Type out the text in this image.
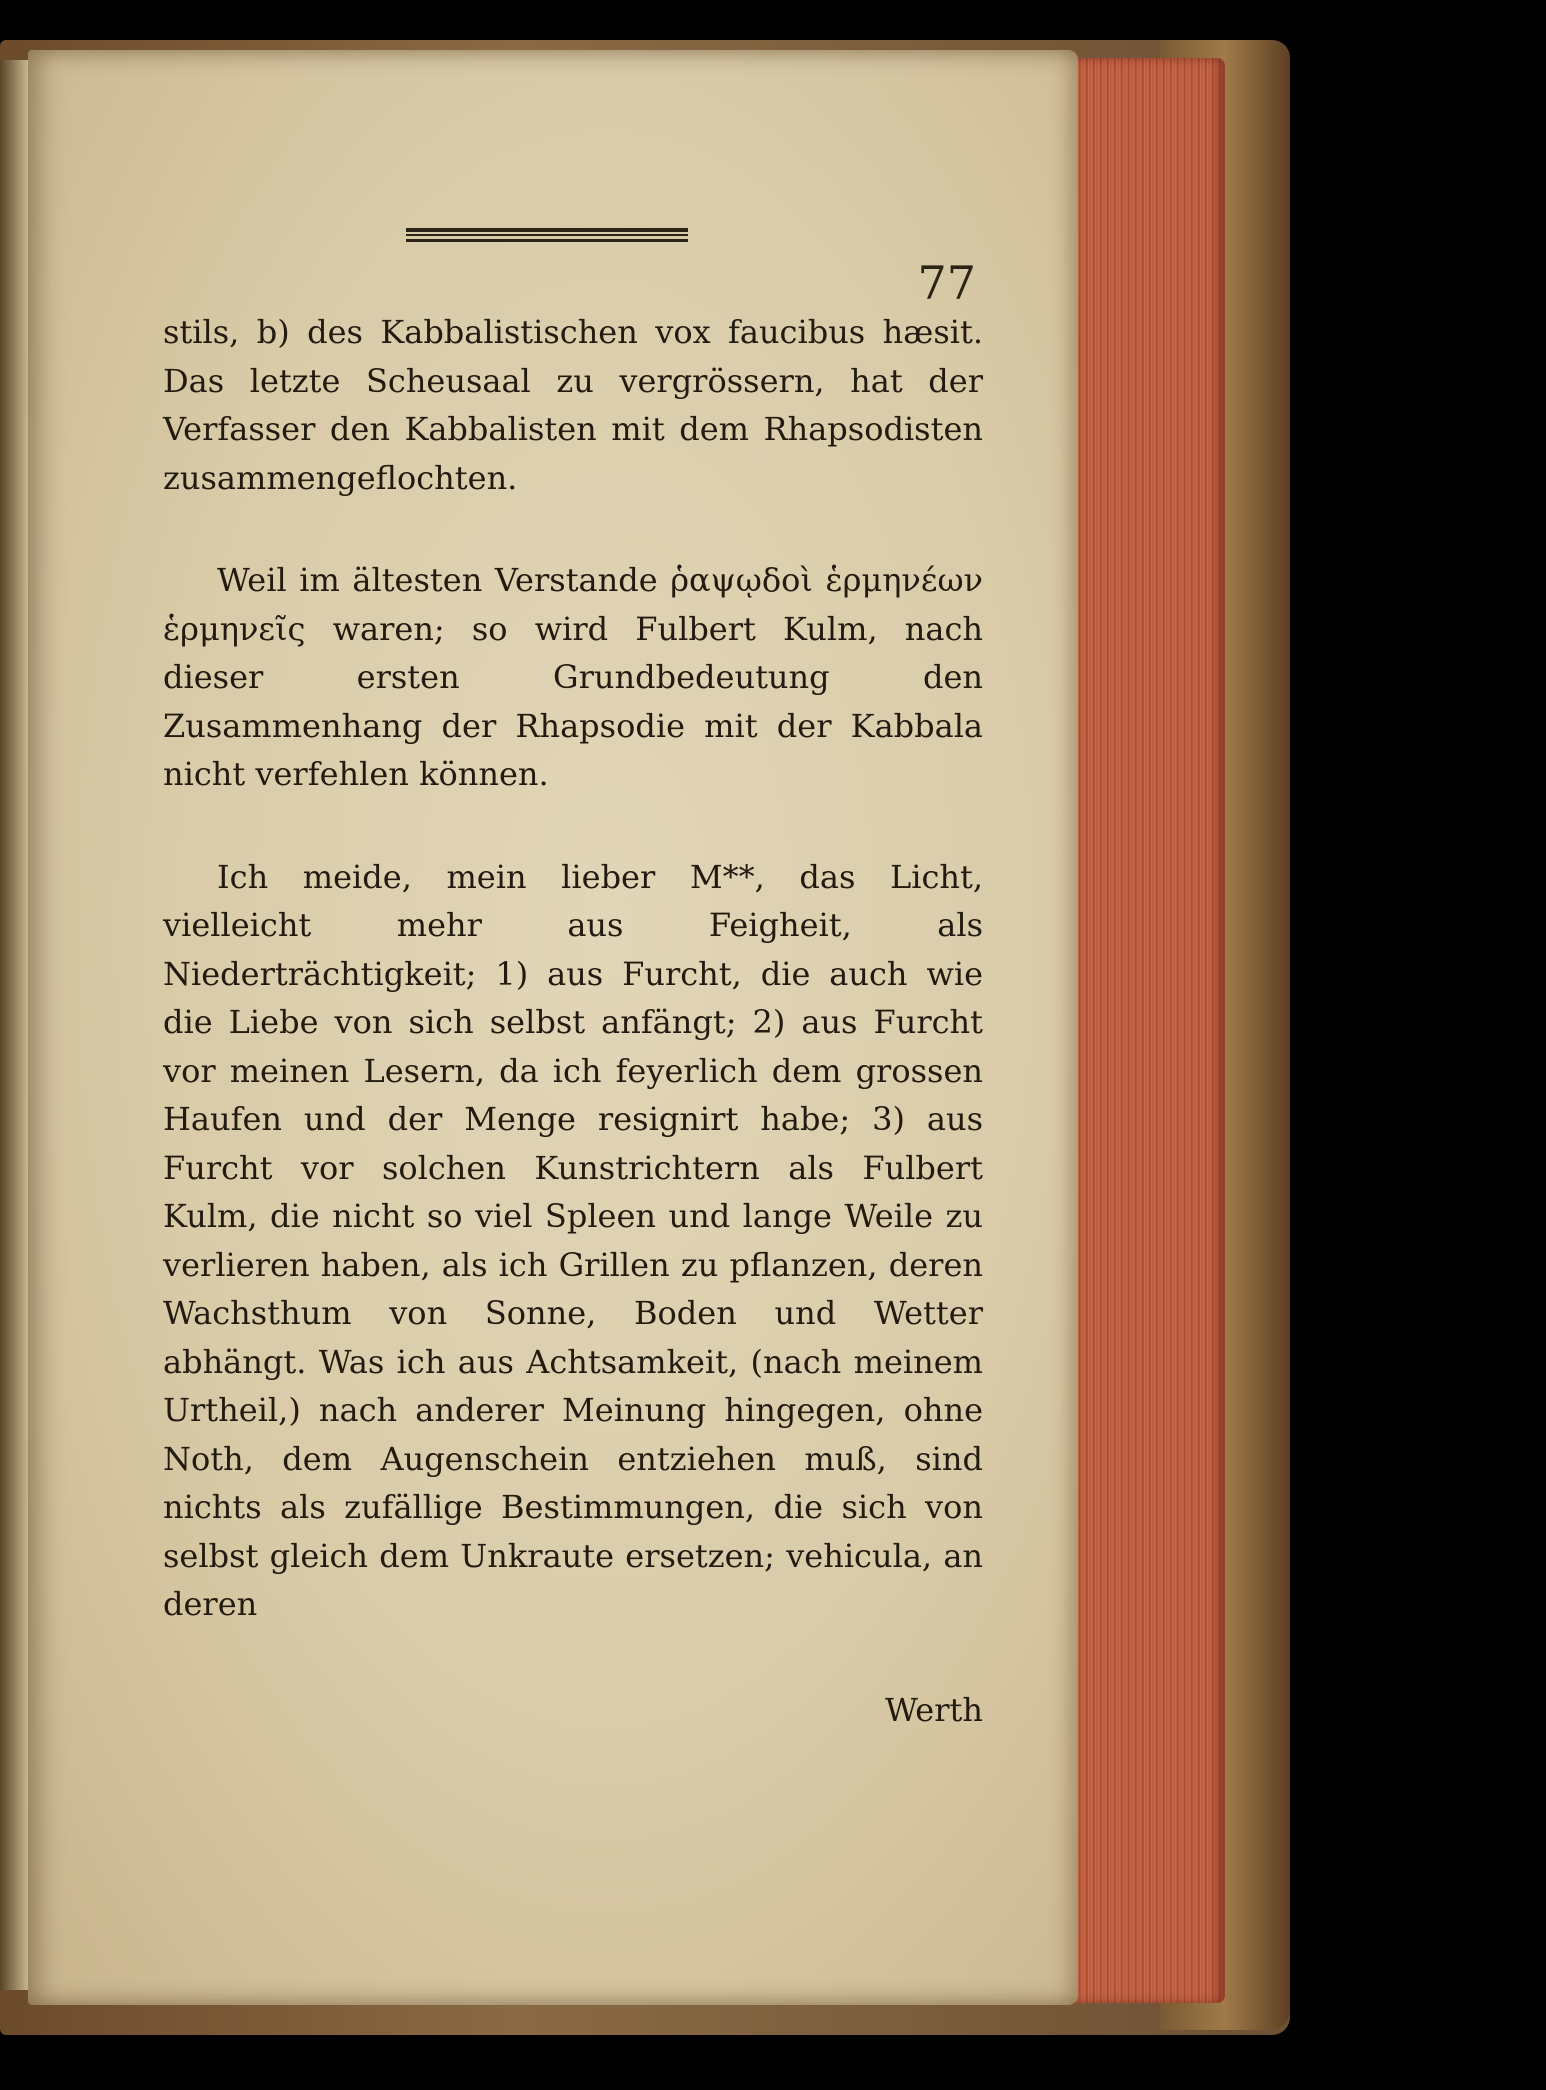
77

stils, b) des Kabbalistischen vox faucibus hæsit. Das letzte Scheusaal zu vergrössern, hat der Verfasser den Kabbalisten mit dem Rhapsodisten zusammengeflochten.

Weil im ältesten Verstande ῥαψῳδοὶ ἑρμηνέων ἑρμηνεῖς waren; so wird Fulbert Kulm, nach dieser ersten Grundbedeutung den Zusammenhang der Rhapsodie mit der Kabbala nicht verfehlen können.

Ich meide, mein lieber M**, das Licht, vielleicht mehr aus Feigheit, als Niederträchtigkeit; 1) aus Furcht, die auch wie die Liebe von sich selbst anfängt; 2) aus Furcht vor meinen Lesern, da ich feyerlich dem grossen Haufen und der Menge resignirt habe; 3) aus Furcht vor solchen Kunstrichtern als Fulbert Kulm, die nicht so viel Spleen und lange Weile zu verlieren haben, als ich Grillen zu pflanzen, deren Wachsthum von Sonne, Boden und Wetter abhängt. Was ich aus Achtsamkeit, (nach meinem Urtheil,) nach anderer Meinung hingegen, ohne Noth, dem Augenschein entziehen muß, sind nichts als zufällige Bestimmungen, die sich von selbst gleich dem Unkraute ersetzen; vehicula, an deren

Werth
